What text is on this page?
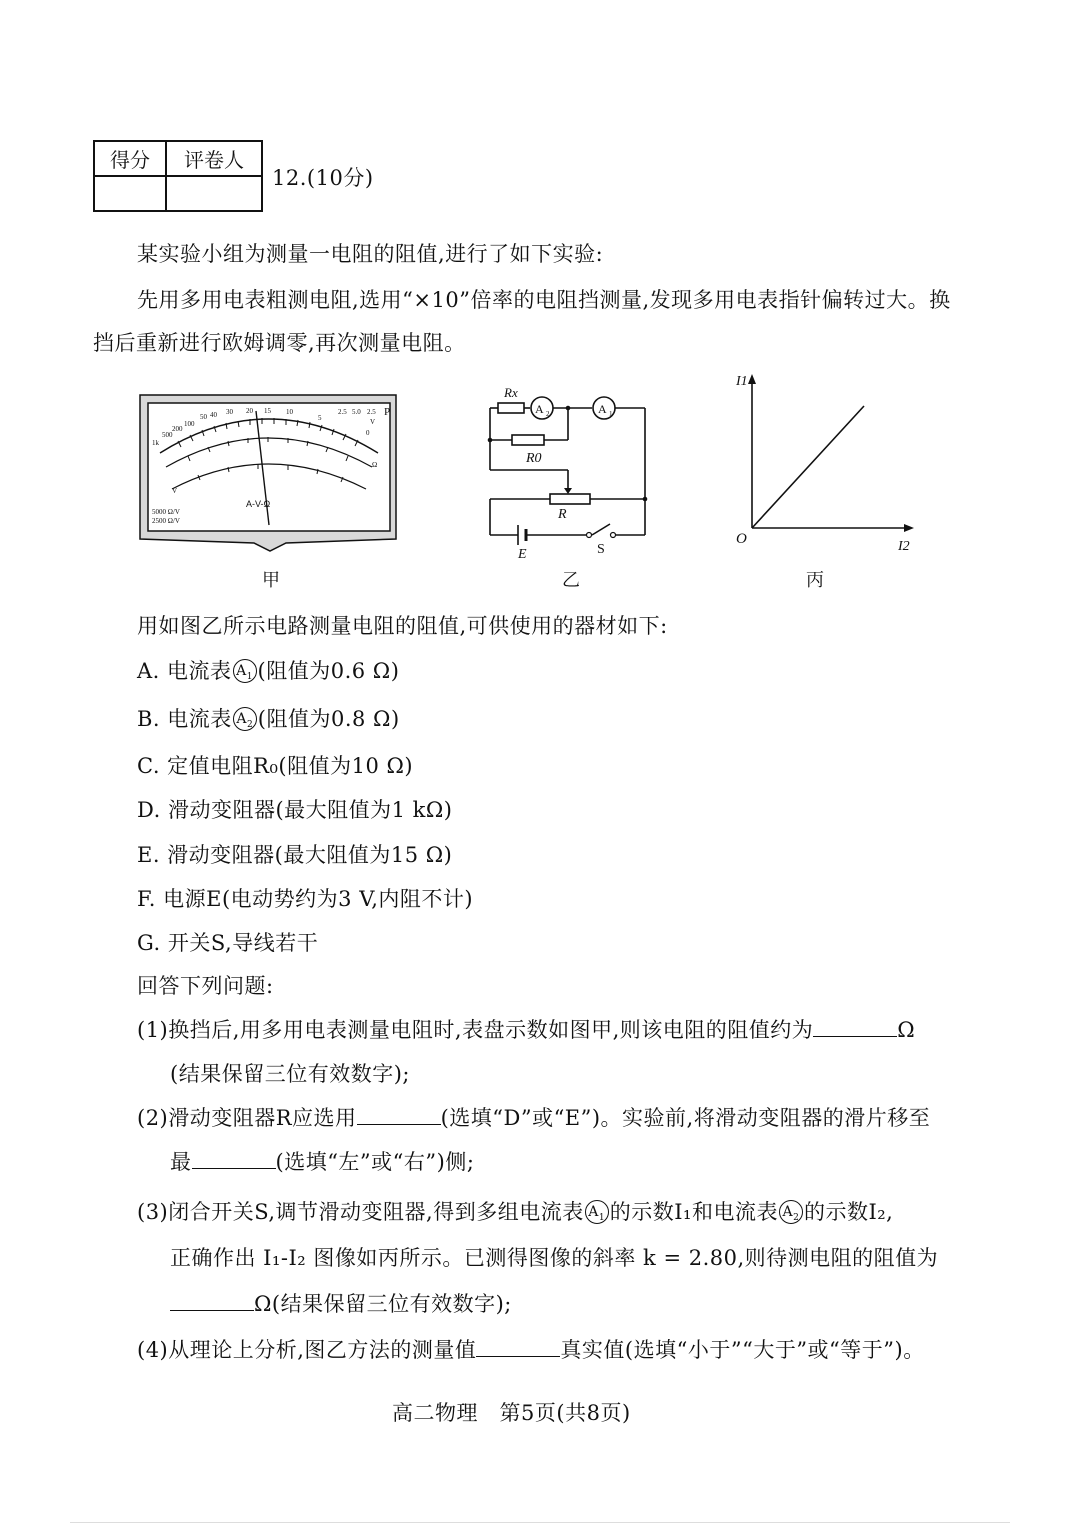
得分	评卷人

12.(10分)
某实验小组为测量一电阻的阻值,进行了如下实验:
先用多用电表粗测电阻,选用“×10”倍率的电阻挡测量,发现多用电表指针偏转过大。换
挡后重新进行欧姆调零,再次测量电阻。
1k
500
200
100
50 40 30 20 15 10
5
0
2.5 5.0 2.5
Ω
V
V
P
A-V-Ω
5000 Ω/V
2500 Ω/V
甲
Rx
R0
R
E	S
A	A
2	1
乙
I1
I2
O
丙
用如图乙所示电路测量电阻的阻值,可供使用的器材如下:
A. 电流表 $A_1$ (阻值为0.6 Ω)
B. 电流表 $A_2$ (阻值为0.8 Ω)
C. 定值电阻R₀(阻值为10 Ω)
D. 滑动变阻器(最大阻值为1 kΩ)
E. 滑动变阻器(最大阻值为15 Ω)
F. 电源E(电动势约为3 V,内阻不计)
G. 开关S,导线若干
回答下列问题:
(1)换挡后,用多用电表测量电阻时,表盘示数如图甲,则该电阻的阻值约为	Ω
(结果保留三位有效数字);
(2)滑动变阻器R应选用	(选填“D”或“E”)。实验前,将滑动变阻器的滑片移至
最	(选填“左”或“右”)侧;
(3)闭合开关S,调节滑动变阻器,得到多组电流表 $A_1$ 的示数I₁和电流表 $A_2$ 的示数I₂,
正确作出 I₁-I₂ 图像如丙所示。已测得图像的斜率 k = 2.80,则待测电阻的阻值为
Ω(结果保留三位有效数字);
(4)从理论上分析,图乙方法的测量值	真实值(选填“小于”“大于”或“等于”)。
高二物理   第5页(共8页)
